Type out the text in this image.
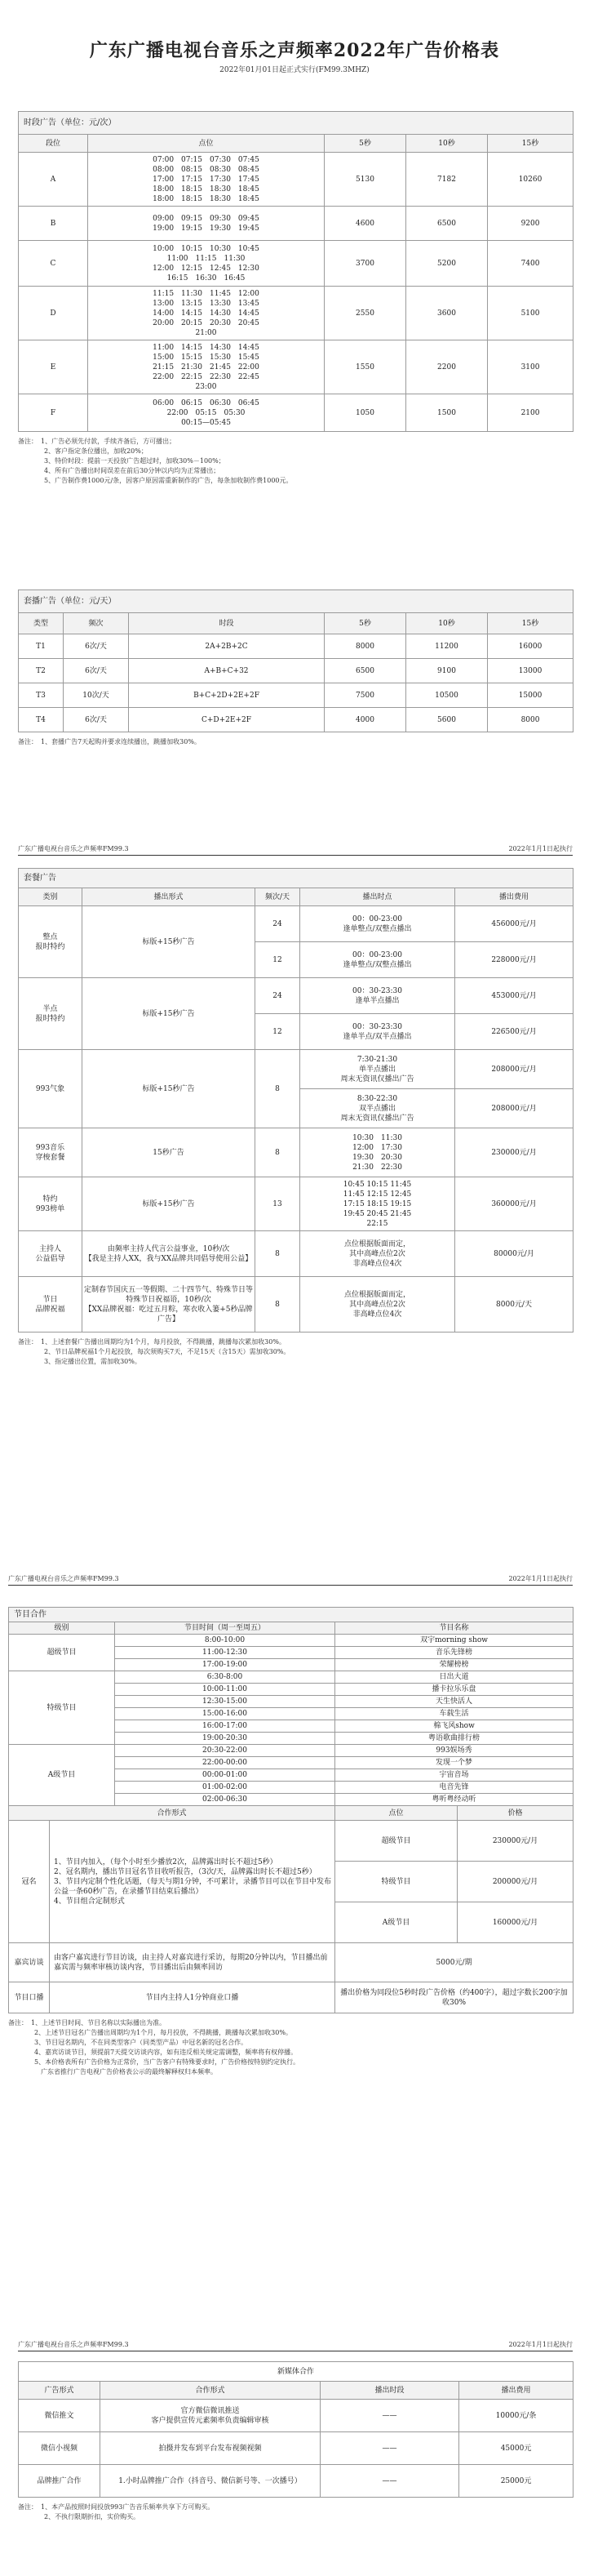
广东广播电视台音乐之声频率2022年广告价格表
2022年01月01日起正式实行(FM99.3MHZ)
时段广告（单位：元/次）				
段位	点位	5秒	10秒	15秒
A	07:00　07:15　07:30　07:45
08:00　08:15　08:30　08:45
17:00　17:15　17:30　17:45
18:00　18:15　18:30　18:45
18:00　18:15　18:30　18:45	5130	7182	10260
B	09:00　09:15　09:30　09:45
19:00　19:15　19:30　19:45	4600	6500	9200
C	10:00　10:15　10:30　10:45
11:00　11:15　11:30
12:00　12:15　12:45　12:30
16:15　16:30　16:45	3700	5200	7400
D	11:15　11:30　11:45　12:00
13:00　13:15　13:30　13:45
14:00　14:15　14:30　14:45
20:00　20:15　20:30　20:45
21:00	2550	3600	5100
E	11:00　14:15　14:30　14:45
15:00　15:15　15:30　15:45
21:15　21:30　21:45　22:00
22:00　22:15　22:30　22:45
23:00	1550	2200	3100
F	06:00　06:15　06:30　06:45
22:00　05:15　05:30
00:15—05:45	1050	1500	2100
备注：　1、广告必须先付款，手续齐备后，方可播出；
　　　　2、客户指定条位播出，加收20%；
　　　　3、特价时段：提前一天投放广告超过时，加收30%－100%；
　　　　4、所有广告播出时间误差在前后30分钟以内均为正常播出；
　　　　5、广告制作费1000元/条，因客户原因需重新制作的广告，每条加收制作费1000元。
套播广告（单位：元/天）					
类型	频次	时段	5秒	10秒	15秒
T1	6次/天	2A+2B+2C	8000	11200	16000
T2	6次/天	A+B+C+32	6500	9100	13000
T3	10次/天	B+C+2D+2E+2F	7500	10500	15000
T4	6次/天	C+D+2E+2F	4000	5600	8000
备注：　1、套播广告7天起购并要求连续播出，跳播加收30%。
广东广播电视台音乐之声频率FM99.3	2022年1月1日起执行
套餐广告				
类别	播出形式	频次/天	播出时点	播出费用
整点
报时特约	标版+15秒广告	24	00：00-23:00
逢单整点/双整点播出	456000元/月
		12	00：00-23:00
逢单整点/双整点播出	228000元/月
半点
报时特约	标版+15秒广告	24	00：30-23:30
逢单半点播出	453000元/月
		12	00：30-23:30
逢单半点/双半点播出	226500元/月
993气象	标版+15秒广告	8	7:30-21:30
单半点播出
周末无资讯仅播出广告	208000元/月
			8:30-22:30
双半点播出
周末无资讯仅播出广告	208000元/月
993音乐
穿梭套餐	15秒广告	8	10:30　11:30
12:00　17:30
19:30　20:30
21:30　22:30	230000元/月
特约
993榜单	标版+15秒广告	13	10:45 10:15 11:45
11:45 12:15 12:45
17:15 18:15 19:15
19:45 20:45 21:45
22:15	360000元/月
主持人
公益倡导	由频率主持人代言公益事业，10秒/次
【我是主持人XX，我与XX品牌共同倡导使用公益】	8	点位根据版面而定，
其中高峰点位2次
非高峰点位4次	80000元/月
节日
品牌祝福	定制春节国庆五一等假期、二十四节气、特殊节日等特殊节日祝福语，10秒/次
【XX品牌祝福：吃过五月粽，寒衣收入篓+5秒品牌广告】	8	点位根据版面而定，
其中高峰点位2次
非高峰点位4次	8000元/天
备注：　1、上述套餐广告播出周期均为1个月，每月投放，不得跳播，跳播每次累加收30%。
　　　　2、节日品牌祝福1个月起投放，每次须购买7天，不足15天（含15天）需加收30%。
　　　　3、指定播出位置，需加收30%。
广东广播电视台音乐之声频率FM99.3	2022年1月1日起执行
节目合作		
级别	节目时间（周一至周五）	节目名称
超级节目	8:00-10:00	双宇morning show
	11:00-12:30	音乐先锋榜
	17:00-19:00	荣耀榜榜
特级节目	6:30-8:00	日出大道
	10:00-11:00	播卡拉乐乐盘
	12:30-15:00	天生快活人
	15:00-16:00	车载生活
	16:00-17:00	棉飞风show
	19:00-20:30	粤语歌曲排行榜
A级节目	20:30-22:00	993娱场秀
	22:00-00:00	发现一个梦
	00:00-01:00	宇宙音场
	01:00-02:00	电音先锋
	02:00-06:30	粤听粤经动听
合作形式		点位	价格
冠名	1、节目内加入，（每个小时至少播放2次，品牌露出时长不超过5秒）
2、冠名期内，播出节目冠名节目收听报告，（3次/天，品牌露出时长不超过5秒）
3、节目内定制个性化话题，（每天与期1分钟，不可累计，录播节目可以在节目中发布公益一条60秒广告，在录播节目结束后播出）
4、节目组合定制形式	超级节目	230000元/月
		特级节目	200000元/月
		A级节目	160000元/月
嘉宾访谈	由客户嘉宾进行节目访谈，由主持人对嘉宾进行采访，每期20分钟以内，节目播出前嘉宾需与频率审核访谈内容，节目播出后由频率回访	5000元/期	
节目口播	节目内主持人1分钟商业口播	播出价格为同段位5秒时段广告价格（约400字），超过字数长200字加收30%	
备注：　1、上述节目时间、节目名称以实际播出为准。
　　　　2、上述节目冠名广告播出周期均为1个月，每月投放，不得跳播，跳播每次累加收30%。
　　　　3、节目冠名期内，不在同类型客户（同类型产品）中冠名新的冠名合作。
　　　　4、嘉宾访谈节目，须提前7天提交访谈内容，如有违反相关规定需调整，频率将有权停播。
　　　　5、本价格表所有广告价格为正常价，当广告客户有特殊要求时，广告价格按特别约定执行。
　　　　　广东省推行广告电视广告价格表公示的最终解释权归本频率。
广东广播电视台音乐之声频率FM99.3	2022年1月1日起执行
新媒体合作			
广告形式	合作形式	播出时段	播出费用
微信推文	官方微信微讯推送
客户提供宣传元素频率负责编辑审核	——	10000元/条
微信小视频	拍摄并发布到平台发布视频视频	——	45000元
品牌推广合作	1.小时品牌推广合作（抖音号、微信新号等、一次播号）	——	25000元
备注：　1、本产品按照时间投放993广告音乐频率共享下方可购买。
　　　　2、不执行限期折扣，实价购买。
